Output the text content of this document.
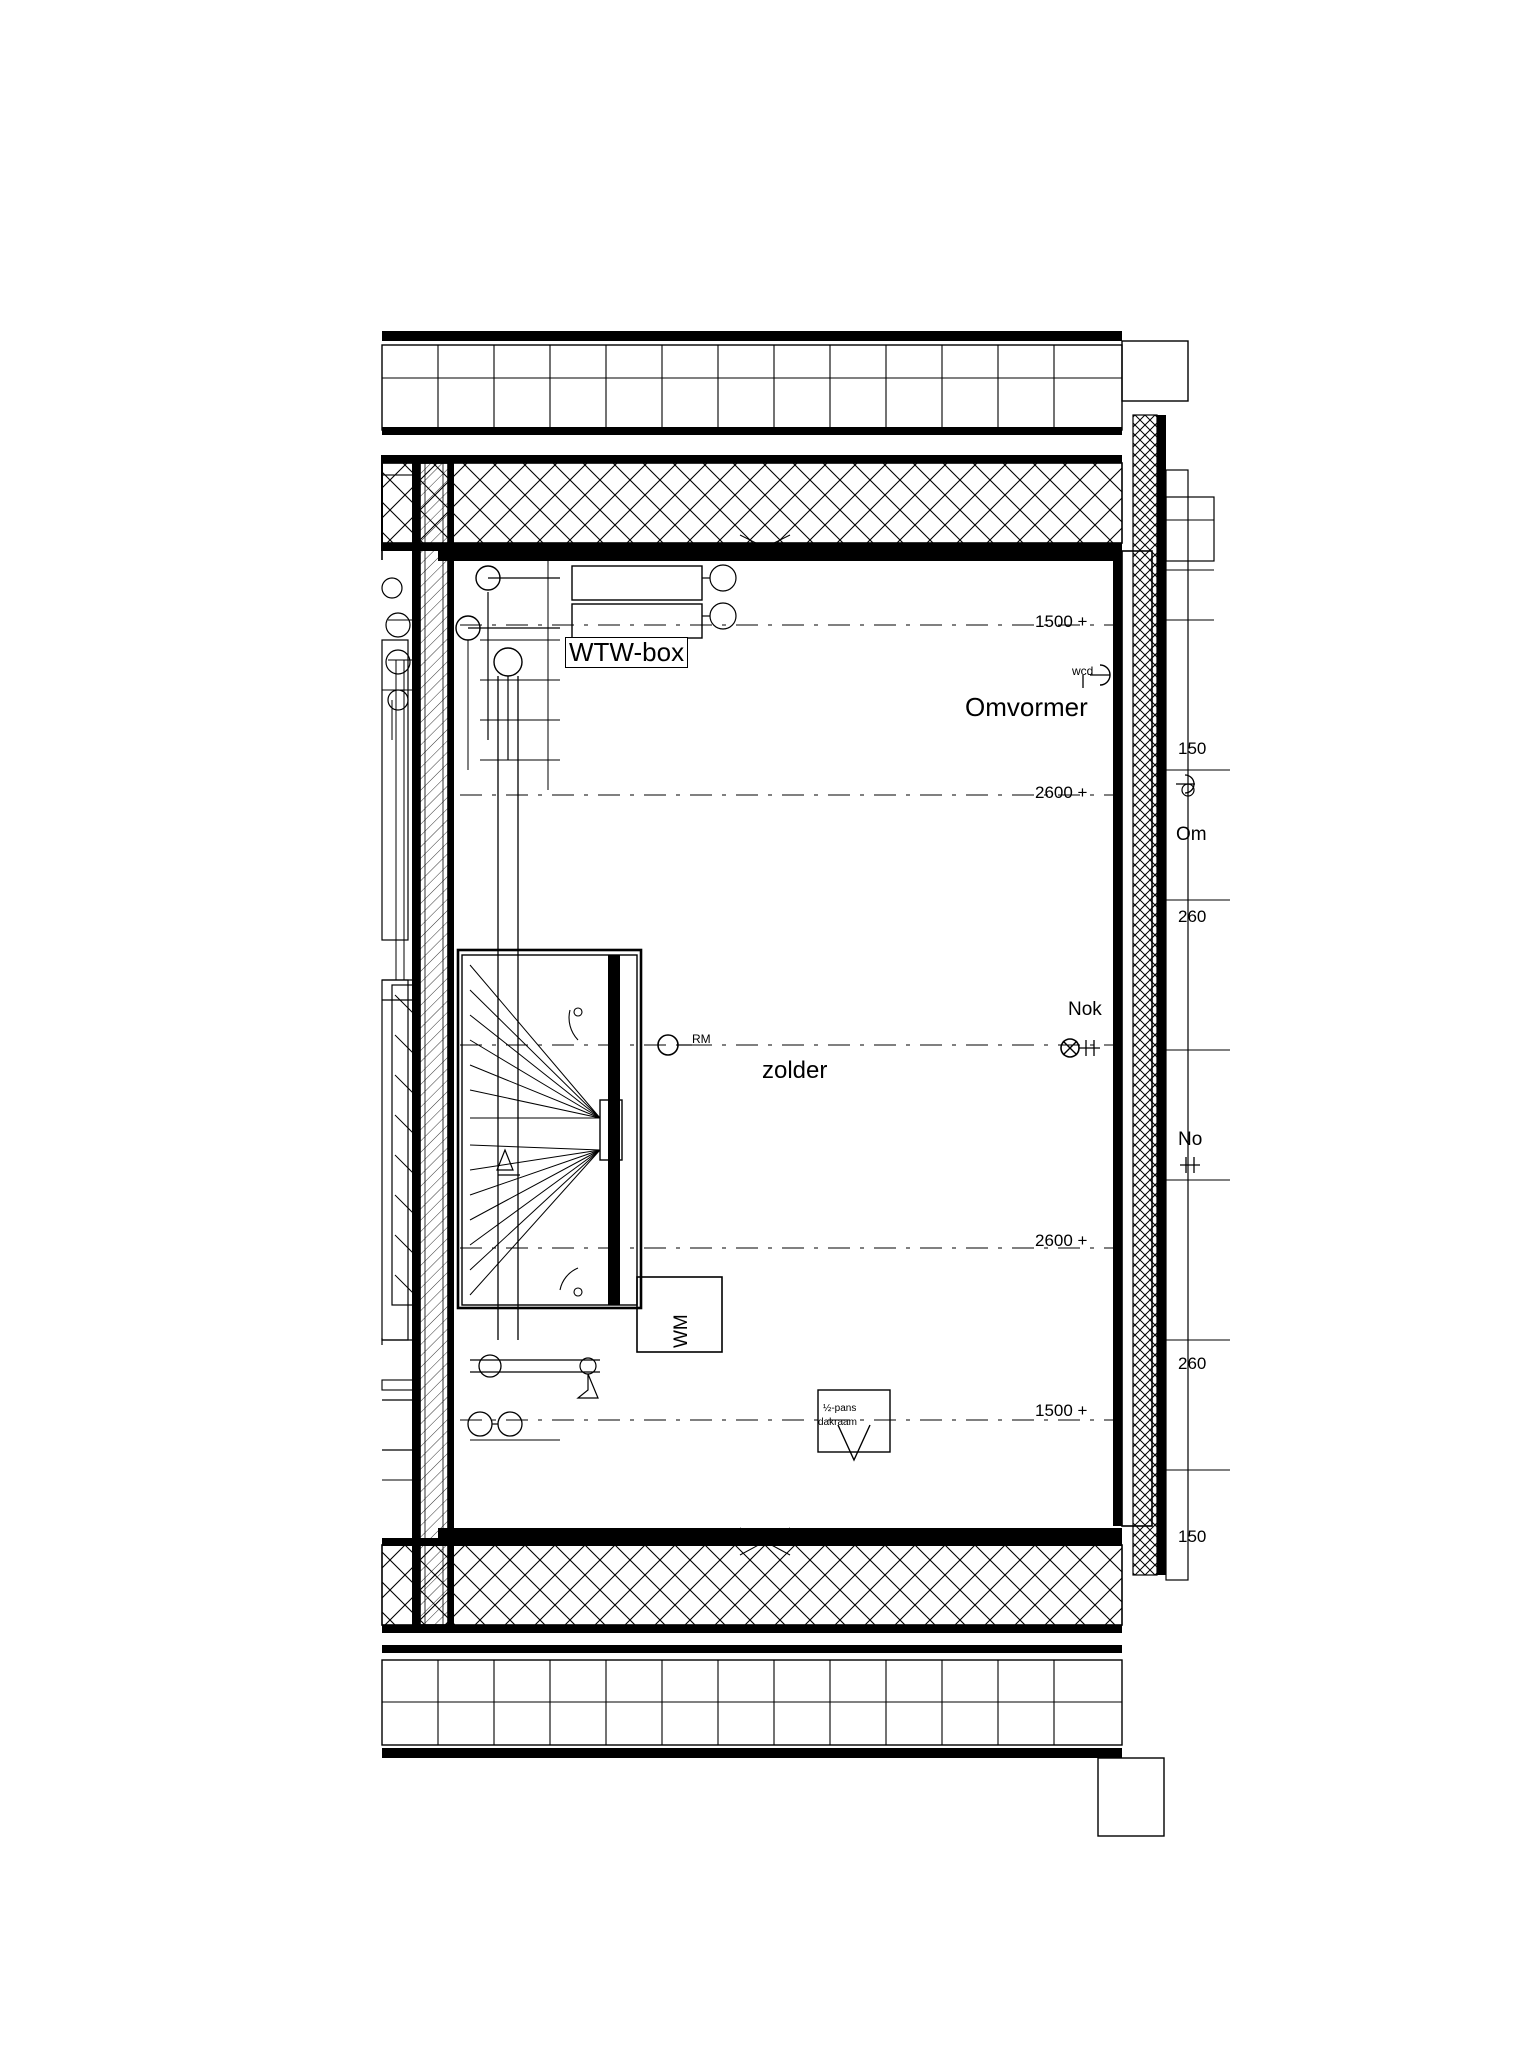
WTW-box
Omvormer
Om
zolder
1500 +
2600 +
2600 +
1500 +
150
260
260
150
wcd
RM
Nok
No
½-pans
dakraam
WM
